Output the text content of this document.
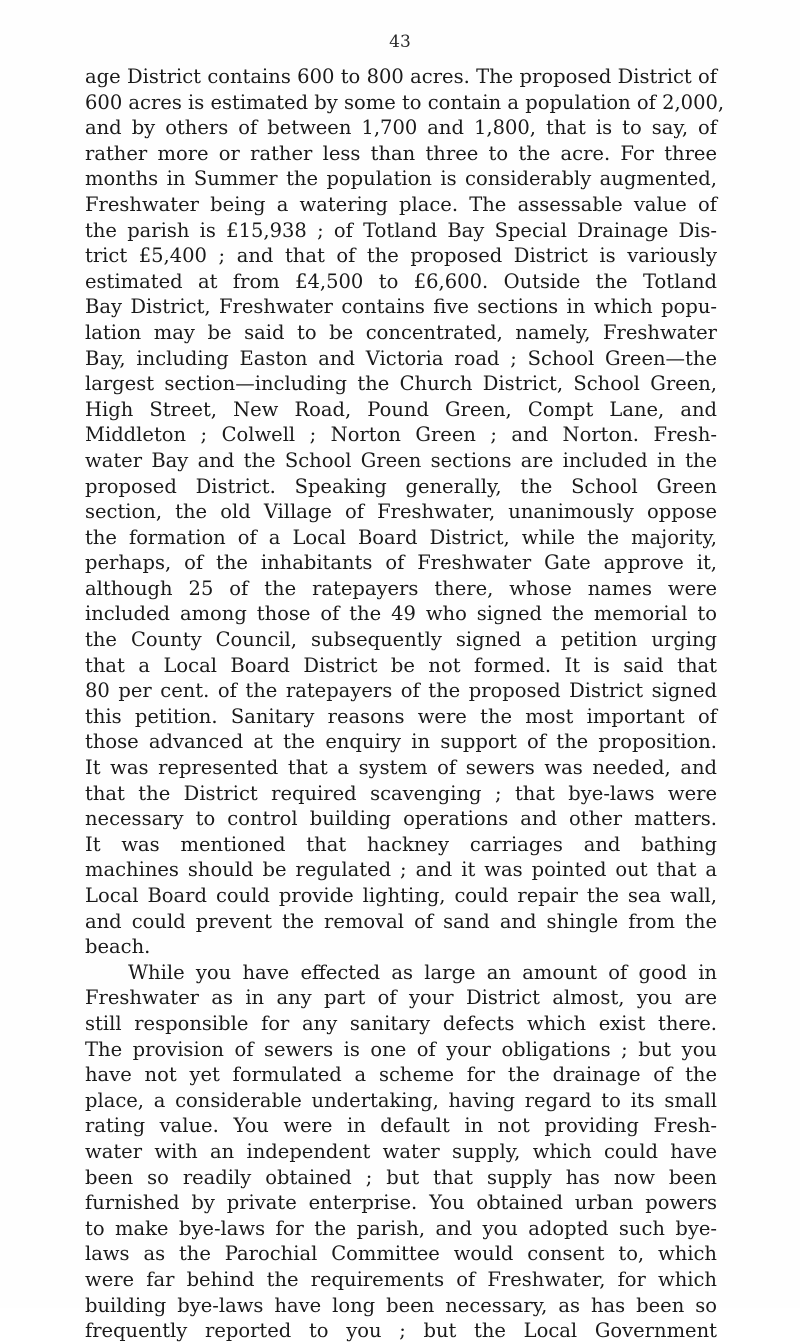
43
age District contains 600 to 800 acres. The proposed District of
600 acres is estimated by some to contain a population of 2,000,
and by others of between 1,700 and 1,800, that is to say, of
rather more or rather less than three to the acre. For three
months in Summer the population is considerably augmented,
Freshwater being a watering place. The assessable value of
the parish is £15,938 ; of Totland Bay Special Drainage Dis-
trict £5,400 ; and that of the proposed District is variously
estimated at from £4,500 to £6,600. Outside the Totland
Bay District, Freshwater contains five sections in which popu-
lation may be said to be concentrated, namely, Freshwater
Bay, including Easton and Victoria road ; School Green—the
largest section—including the Church District, School Green,
High Street, New Road, Pound Green, Compt Lane, and
Middleton ; Colwell ; Norton Green ; and Norton. Fresh-
water Bay and the School Green sections are included in the
proposed District. Speaking generally, the School Green
section, the old Village of Freshwater, unanimously oppose
the formation of a Local Board District, while the majority,
perhaps, of the inhabitants of Freshwater Gate approve it,
although 25 of the ratepayers there, whose names were
included among those of the 49 who signed the memorial to
the County Council, subsequently signed a petition urging
that a Local Board District be not formed. It is said that
80 per cent. of the ratepayers of the proposed District signed
this petition. Sanitary reasons were the most important of
those advanced at the enquiry in support of the proposition.
It was represented that a system of sewers was needed, and
that the District required scavenging ; that bye-laws were
necessary to control building operations and other matters.
It was mentioned that hackney carriages and bathing
machines should be regulated ; and it was pointed out that a
Local Board could provide lighting, could repair the sea wall,
and could prevent the removal of sand and shingle from the
beach.
While you have effected as large an amount of good in
Freshwater as in any part of your District almost, you are
still responsible for any sanitary defects which exist there.
The provision of sewers is one of your obligations ; but you
have not yet formulated a scheme for the drainage of the
place, a considerable undertaking, having regard to its small
rating value. You were in default in not providing Fresh-
water with an independent water supply, which could have
been so readily obtained ; but that supply has now been
furnished by private enterprise. You obtained urban powers
to make bye-laws for the parish, and you adopted such bye-
laws as the Parochial Committee would consent to, which
were far behind the requirements of Freshwater, for which
building bye-laws have long been necessary, as has been so
frequently reported to you ; but the Local Government
